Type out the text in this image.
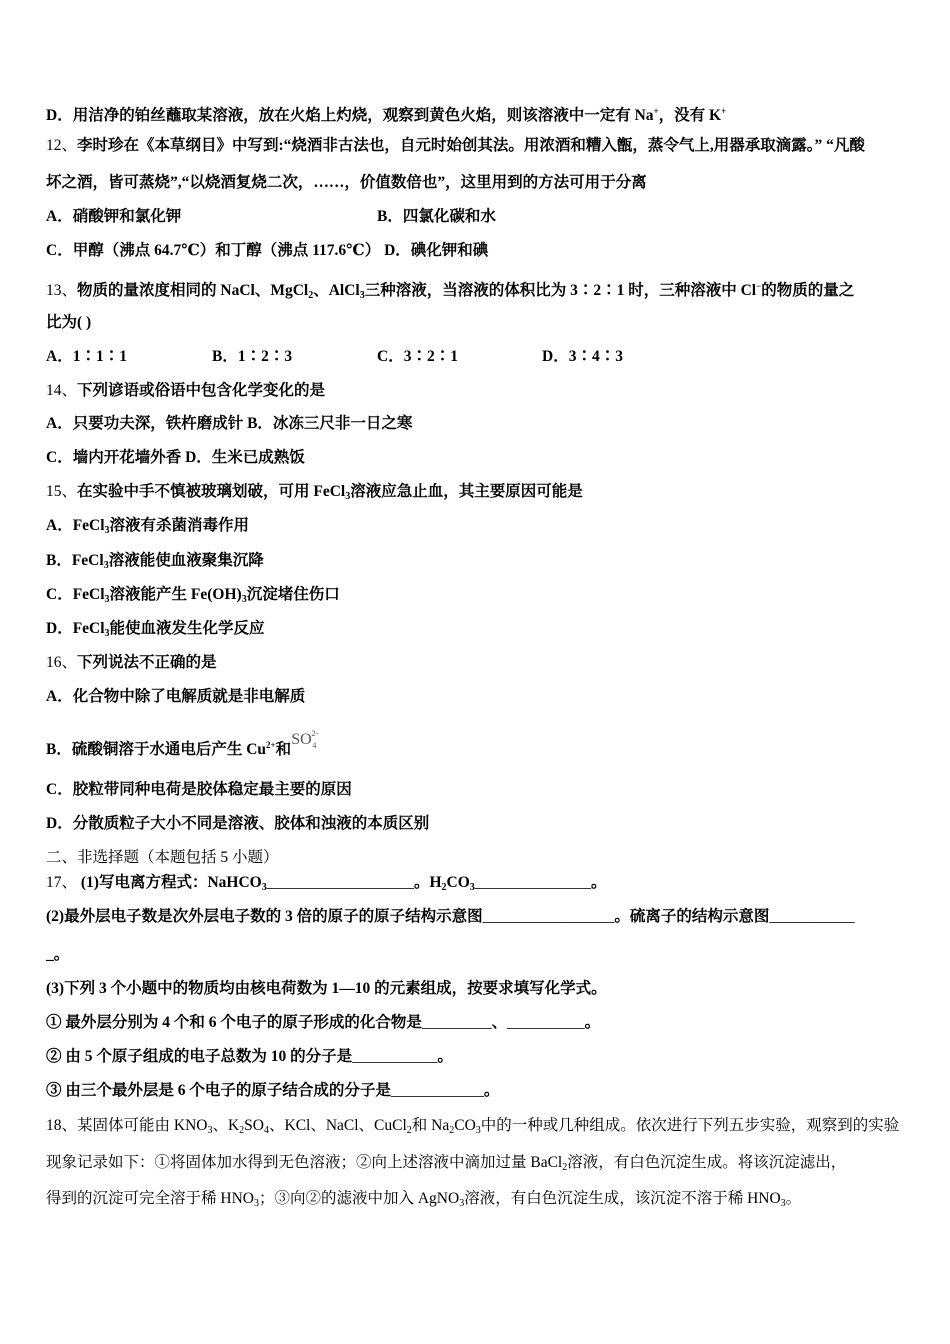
D．用洁净的铂丝蘸取某溶液，放在火焰上灼烧，观察到黄色火焰，则该溶液中一定有 Na+，没有 K+
12、李时珍在《本草纲目》中写到:“烧酒非古法也，自元时始创其法。用浓酒和糟入甑，蒸令气上,用器承取滴露。” “凡酸
坏之酒，皆可蒸烧”,“以烧酒复烧二次，……，价值数倍也”，这里用到的方法可用于分离
A．硝酸钾和氯化钾	B．四氯化碳和水
C．甲醇（沸点 64.7℃）和丁醇（沸点 117.6℃） D．碘化钾和碘
13、物质的量浓度相同的 NaCl、MgCl$_2$、AlCl$_3$三种溶液，当溶液的体积比为 3∶2∶1 时，三种溶液中 Cl−的物质的量之
比为( )
A．1∶1∶1	B．1∶2∶3	C．3∶2∶1	D．3∶4∶3
14、下列谚语或俗语中包含化学变化的是
A．只要功夫深，铁杵磨成针 B．冰冻三尺非一日之寒
C．墙内开花墙外香 D．生米已成熟饭
15、在实验中手不慎被玻璃划破，可用 FeCl$_3$溶液应急止血，其主要原因可能是
A．FeCl$_3$溶液有杀菌消毒作用
B．FeCl$_3$溶液能使血液聚集沉降
C．FeCl$_3$溶液能产生 $Fe(OH)_3$沉淀堵住伤口
D．FeCl$_3$能使血液发生化学反应
16、下列说法不正确的是
A．化合物中除了电解质就是非电解质
B．硫酸铜溶于水通电后产生 $Cu^{2+}$和$SO^{2-}_4$
C．胶粒带同种电荷是胶体稳定最主要的原因
D．分散质粒子大小不同是溶液、胶体和浊液的本质区别
二、非选择题（本题包括 5 小题）
17、 (1)写电离方程式：NaHCO$_3$___________________。$H_2CO_3\_\_\_\_\_\_\_\_\_\_\_\_\_\_\_$。
(2)最外层电子数是次外层电子数的 3 倍的原子的原子结构示意图_________________。硫离子的结构示意图___________
_。
(3)下列 3 个小题中的物质均由核电荷数为 1—10 的元素组成，按要求填写化学式。
① 最外层分别为 4 个和 6 个电子的原子形成的化合物是_________、__________。
② 由 5 个原子组成的电子总数为 10 的分子是___________。
③ 由三个最外层是 6 个电子的原子结合成的分子是____________。
18、某固体可能由 $KNO_3$、$K_2SO_4$、KCl、NaCl、CuCl$_2$和 $Na_2CO_3$中的一种或几种组成。依次进行下列五步实验，观察到的实验
现象记录如下：①将固体加水得到无色溶液；②向上述溶液中滴加过量 BaCl$_2$溶液，有白色沉淀生成。将该沉淀滤出，
得到的沉淀可完全溶于稀 $HNO_3$；③向②的滤液中加入 AgNO$_3$溶液，有白色沉淀生成，该沉淀不溶于稀 $HNO_3$。
